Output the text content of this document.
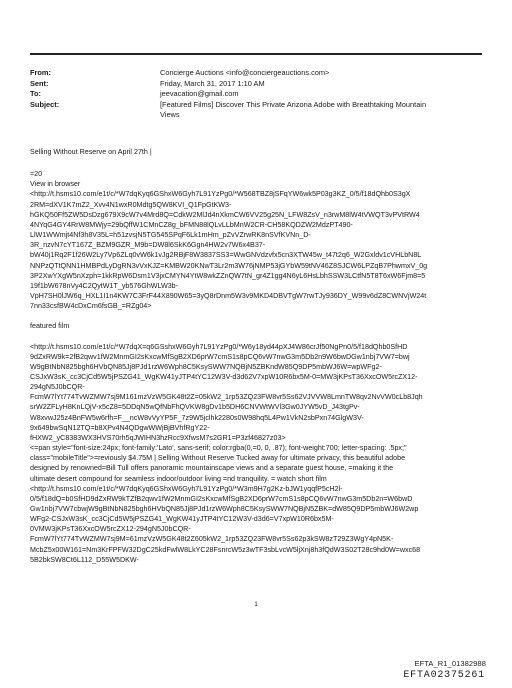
From:	Concierge Auctions <info@conciergeauctions.com>
Sent:	Friday, March 31, 2017 1:10 AM
To:	jeevacation@gmail.com
Subject:	[Featured Films] Discover This Private Arizona Adobe with Breathtaking Mountain
Views

Selling Without Reserve on April 27th |

=20

View in browser

<http://t.hsms10.com/e1t/c/*W7dqKyq6GShxW6Gyh7L91YzPg0/*W568TBZ8jSFqYW6wk5P03g3KZ_0/5/f18dQhb0S3gX

2RM=dXV1K7mZ2_Xvv4N1wxR0Mdtg5QW8KVI_Q1FpGtKW3-

hGKQ50Ff5ZW5DsDzg679X9cW7v4Mrd8Q=CdkW2MlJd4nXkmCW6VV25g25N_LFW8ZsV_n3rwM8lW4tVWQT3vPVtRW4

4NYqG4GY4RrW8MWjy=29bQffW1CMnCZ8g_bFMN88lQLvLLbMnW2CR-CH58KQDZW2MdzPT490-

LlW1WWmjt4Nf3h8V35L=h51zvsjN5TG545SPqF6Lk1mHm_pZvVZrwRK8nSVfKVNn_D-

3R_nzvN7cYT167Z_BZM9GZR_M9b=DW8l6SkK6Ggn4HW2v7W6x4B37-

bW40j1Rq2F1f26W2Ly7Vp6ZLq0vW6k1vJg2RBjF8W3837SS3=WwGNVdzvfx5cn3XTW45w_t47t2q6_W2Gxldv1cVHLbN8L

NNPzQTtQNN1HMBPdLyDgRN3vVxKJZ=KMBW20KNwT3Lr2m3W76jNMP53jGYbW59tNV46Z8SJCW6LPZqB7PhwmxV_0g

3P2XwYXgW5nXzph=1kkRpW6Dsm1V3jxCMYN4YtW8wkZZnQW7tN_gr4Z1gg4N6yL6HsLbhSSW3LCtfN5T8T6xW6Fjm8=5

19f1bW678nVy4C2QytW1T_yb576GhWLW3b-

VpH7SH0lJW6q_HXL1I1n4KW7C3FrF44X890W65=3yQ8rDnm5W3v9MKD4DBVTgW7rwTJy936DY_W99v6dZ8CWNVjW24t

7nn33csfBW4cDxCm6fsGB_=RZg04>

featured film

<http://t.hsms10.com/e1t/c/*W7dqX=q6GSshxW6Gyh7L91YzPg0/*W6y18yd44pXJ4W86crJf50NgPn0/5/f18dQhb0SfHD

9dZxRW9k=2fB2qwv1fW2MnmGI2sKxcwMfSgB2XD6prW7cmS1s8pCQ6vW7nwG3m5Db2n9W6bwDGw1nbj7VW7=bwj

W9gBtNbN825bgh6HVbQN85Jj8PJd1rzW6Wph8C5KsySWW7NQBjN5ZBKndW85Q9DP5mbWJ6W=wpWFg2-

CSJxW3sK_cc3CjCd5W5jPSZG41_WgKW41yJTP4tYC12W3V-d3d62V7xpW10R6bx5M-0=MW3jKPsT36XxcOW5rcZX12-

294gN5J0bCQR-

FcmW7lYt774TvWZMW7sj9M161mzVzW5GK48t2Z=05kW2_1rp53ZQ23FW8vr5Ss62VJVVW8LmnTW8qv2NvVW0cLb8Jqh

srW2ZFLyH8KnLQjV-x5cZ8=5DDqN5wQfNbFhQVKW8gDv1b5DH6CNVWtWVl3Gw0JYW5vD_J43tgPv-

W8xvwJ25z4BnFW5w6rfh=F__ncW8vVyYP5F_7z9W5jclhk2280s0W98hq5L4Pw1VkN2sbPxn74GlgW3V-

9x649bwSqN12TQ=b8XPv4N4QDgwWWjBjBVhfRgY22-

fHXW2_yC8383WX3HVS70rh5qJWIHN3hzRcc9XfwsM7s2GR1=P3zf46827z03>

<=pan style="font-size:24px; font-family:'Lato', sans-serif; color:rgba(0,=0, 0, .87); font-weight:700; letter-spacing: .5px;"

class="mobileTitle">=reviously $4.75M | Selling Without Reserve Tucked away for ultimate privacy, this beautiful adobe

designed by renowned=Bill Tull offers panoramic mountainscape views and a separate guest house, =making it the

ultimate desert compound for seamless indoor/outdoor living =nd tranquility. = watch short film

<http://t.hsms10.com/e1t/c/*W7dqKyq6GShxW6Gyh7L91YzPg0/*W3m9H7g2Kz-bJW1yqqfP5cH2l-

0/5/f18dQ=b0SfHD9dZxRW9kTZfB2qwv1fW2MnmGI2sKxcwMfSgB2XD6prW7cmS1s8pCQ6vW7nwG3m5Db2n=W6bwD

Gw1nbj7VW7cbwjW9gBtNbN825bgh6HVbQN85Jj8PJd1rzW6Wph8C5KsySWW7NQBjN5ZBK=dW85Q9DP5mbWJ6W2wp

WFg2-CSJxW3sK_cc3CjCd5W5jPSZG41_WgKW41yJTP4tYC12W3V-d3d6=V7xpW10R6bx5M-

0VMW3jKPsT36XxcOW5rcZX12-294gN5J0bCQR-

FcmW7lYt774TvWZMW7sj9M=61mzVzW5GK48t2Z605kW2_1rp53ZQ23FW8vr5Ss62p3kSW8zT29Z3WgY4pN5K-

McbZ5x00W161=Nm3KrFPFW32DgC25kdFwlW8LkYC28FsnrcW5z3wTF3sbLvcW5ljXnj8h3fQdW3S02T28c9hd0W=wxc68

5B2bkSW8Ct6L112_D55W5DKW-

1
EFTA_R1_01382988
EFTA02375261
